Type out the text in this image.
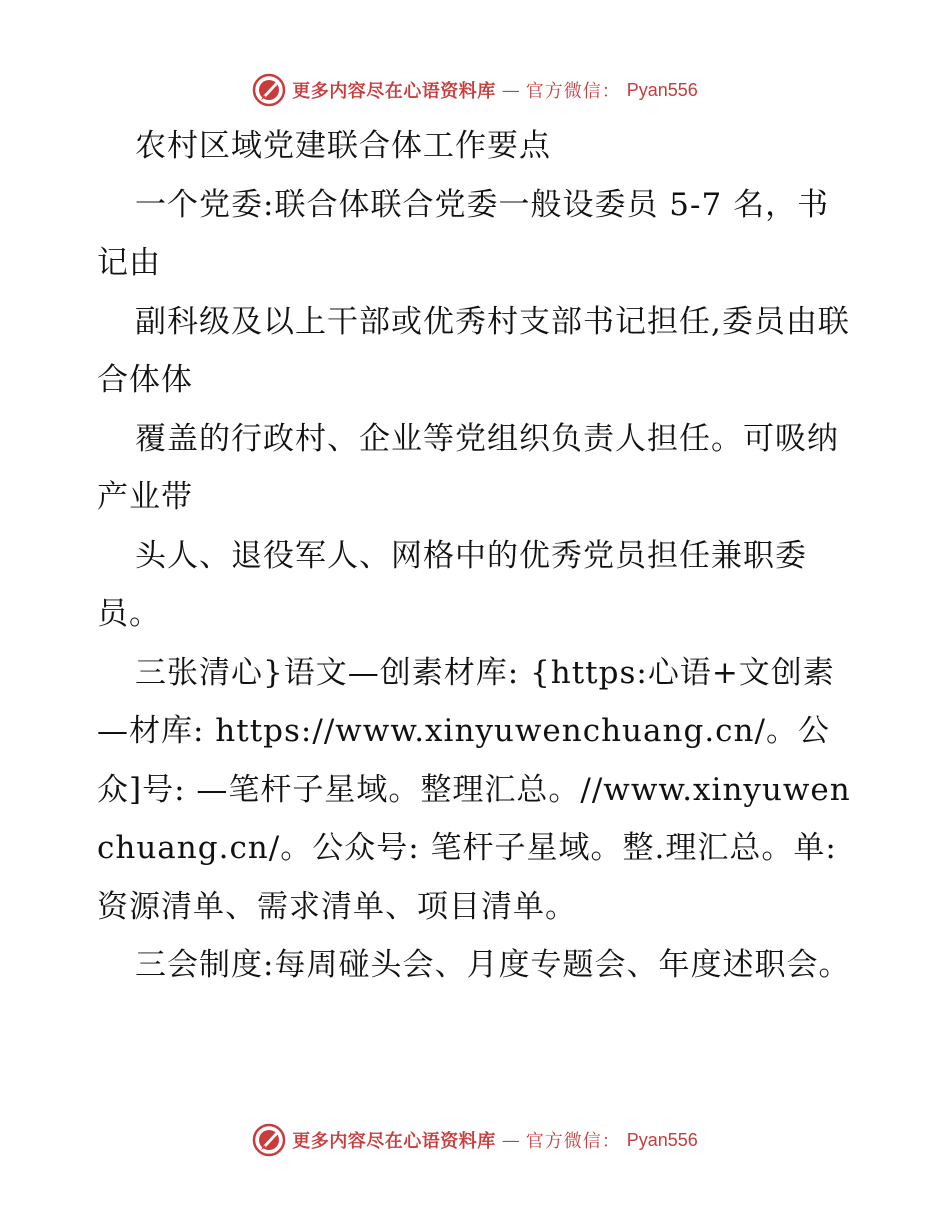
更多内容尽在心语资料库 — 官方微信： Pyan556

农村区域党建联合体工作要点

一个党委:联合体联合党委一般设委员 5-7 名，书记由

副科级及以上干部或优秀村支部书记担任,委员由联合体体

覆盖的行政村、企业等党组织负责人担任。可吸纳产业带

头人、退役军人、网格中的优秀党员担任兼职委员。

三张清心}语文—创素材库: {https:心语+文创素—材库: https://www.xinyuwenchuang.cn/。公众]号: —笔杆子星域。整理汇总。//www.xinyuwenchuang.cn/。公众号: 笔杆子星域。整.理汇总。单:资源清单、需求清单、项目清单。

三会制度:每周碰头会、月度专题会、年度述职会。

更多内容尽在心语资料库 — 官方微信： Pyan556
